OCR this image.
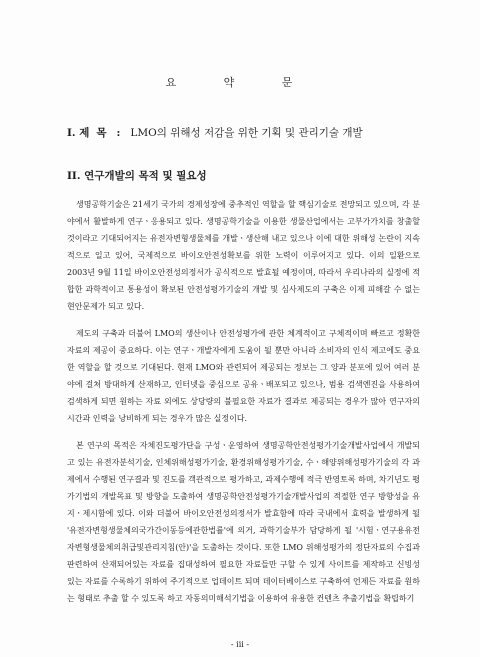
요 약 문
I. 제 목:LMO의 위해성 저감을 위한 기획 및 관리기술 개발
II. 연구개발의 목적 및 필요성

생명공학기술은 21세기 국가의 경제성장에 중추적인 역할을 할 핵심기술로 전망되고 있으며, 각 분야에서 활발하게 연구ㆍ응용되고 있다. 생명공학기술을 이용한 생물산업에서는 고부가가치를 창출할 것이라고 기대되어지는 유전자변형생물체를 개발ㆍ생산해 내고 있으나 이에 대한 위해성 논란이 지속적으로 일고 있어, 국제적으로 바이오안전성확보를 위한 노력이 이루어지고 있다. 이의 일환으로 2003년 9월 11일 바이오안전성의정서가 공식적으로 발효될 예정이며, 따라서 우리나라의 실정에 적합한 과학적이고 통용성이 확보된 안전성평가기술의 개발 및 심사제도의 구축은 이제 피해갈 수 없는 현안문제가 되고 있다.

제도의 구축과 더불어 LMO의 생산이나 안전성평가에 관한 체계적이고 구체적이며 빠르고 정확한 자료의 제공이 중요하다. 이는 연구ㆍ개발자에게 도움이 될 뿐만 아니라 소비자의 인식 제고에도 중요한 역할을 할 것으로 기대된다. 현재 LMO와 관련되어 제공되는 정보는 그 양과 분포에 있어 여러 분야에 걸쳐 방대하게 산재하고, 인터넷을 중심으로 공유ㆍ배포되고 있으나, 범용 검색엔진을 사용하여 검색하게 되면 원하는 자료 외에도 상당량의 불필요한 자료가 결과로 제공되는 경우가 많아 연구자의 시간과 인력을 낭비하게 되는 경우가 많은 실정이다.

본 연구의 목적은 자체진도평가단을 구성ㆍ운영하여 생명공학안전성평가기술개발사업에서 개발되고 있는 유전자분석기술, 인체위해성평가기술, 환경위해성평가기술, 수ㆍ해양위해성평가기술의 각 과제에서 수행된 연구결과 및 진도를 객관적으로 평가하고, 과제수행에 적극 반영토록 하며, 차기년도 평가기법의 개발목표 및 방향을 도출하여 생명공학안전성평가기술개발사업의 적절한 연구 방향성을 유지ㆍ제시함에 있다. 이와 더불어 바이오안전성의정서가 발효함에 따라 국내에서 효력을 발생하게 될 '유전자변형생물체의국가간이동등에관한법률'에 의거, 과학기술부가 담당하게 될 '시험ㆍ연구용유전자변형생물체의취급및관리지침(안)'을 도출하는 것이다. 또한 LMO 위해성평가의 정단자료의 수집과 판련하여 산재되어있는 자료를 집대성하여 필요한 자료들만 구할 수 있게 사이트를 제작하고 신빙성 있는 자료를 수록하기 위하여 주기적으로 업데이트 되며 데이터베이스로 구축하여 언제든 자료를 원하는 형태로 추출 할 수 있도록 하고 자동의미해석기법을 이용하여 유용한 컨텐츠 추출기법을 확립하기

- iii -
